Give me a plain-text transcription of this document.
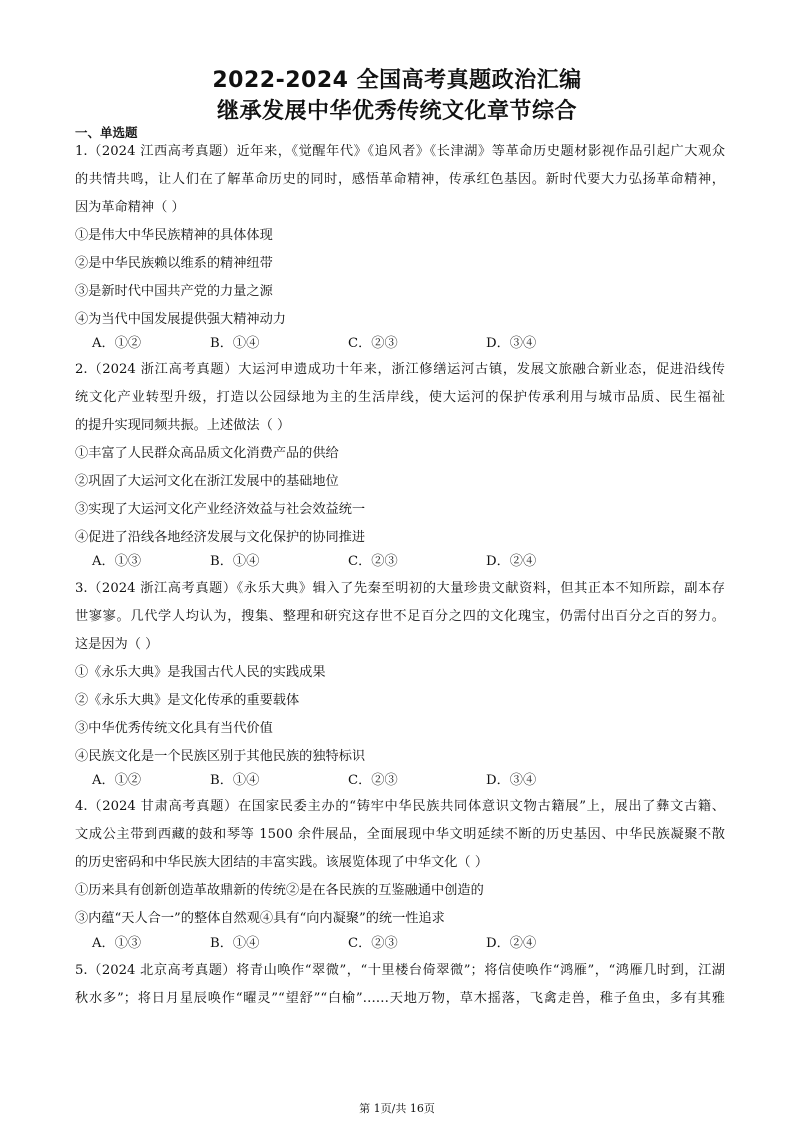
2022-2024 全国高考真题政治汇编
继承发展中华优秀传统文化章节综合
一、单选题

1.（2024 江西高考真题）近年来，《觉醒年代》《追风者》《长津湖》等革命历史题材影视作品引起广大观众

的共情共鸣，让人们在了解革命历史的同时，感悟革命精神，传承红色基因。新时代要大力弘扬革命精神，

因为革命精神（ ）

①是伟大中华民族精神的具体体现

②是中华民族赖以维系的精神纽带

③是新时代中国共产党的力量之源

④为当代中国发展提供强大精神动力

A．①②	B．①④	C．②③	D．③④

2.（2024 浙江高考真题）大运河申遗成功十年来，浙江修缮运河古镇，发展文旅融合新业态，促进沿线传

统文化产业转型升级，打造以公园绿地为主的生活岸线，使大运河的保护传承利用与城市品质、民生福祉

的提升实现同频共振。上述做法（ ）

①丰富了人民群众高品质文化消费产品的供给

②巩固了大运河文化在浙江发展中的基础地位

③实现了大运河文化产业经济效益与社会效益统一

④促进了沿线各地经济发展与文化保护的协同推进

A．①③	B．①④	C．②③	D．②④

3.（2024 浙江高考真题）《永乐大典》辑入了先秦至明初的大量珍贵文献资料，但其正本不知所踪，副本存

世寥寥。几代学人均认为，搜集、整理和研究这存世不足百分之四的文化瑰宝，仍需付出百分之百的努力。

这是因为（ ）

①《永乐大典》是我国古代人民的实践成果

②《永乐大典》是文化传承的重要载体

③中华优秀传统文化具有当代价值

④民族文化是一个民族区别于其他民族的独特标识

A．①②	B．①④	C．②③	D．③④

4.（2024 甘肃高考真题）在国家民委主办的“铸牢中华民族共同体意识文物古籍展”上，展出了彝文古籍、

文成公主带到西藏的鼓和琴等 1500 余件展品，全面展现中华文明延续不断的历史基因、中华民族凝聚不散

的历史密码和中华民族大团结的丰富实践。该展览体现了中华文化（ ）

①历来具有创新创造革故鼎新的传统②是在各民族的互鉴融通中创造的

③内蕴“天人合一”的整体自然观④具有“向内凝聚”的统一性追求

A．①③	B．①④	C．②③	D．②④

5.（2024 北京高考真题）将青山唤作“翠微”，“十里楼台倚翠微”；将信使唤作“鸿雁”，“鸿雁几时到，江湖

秋水多”；将日月星辰唤作“曜灵”“望舒”“白榆”……天地万物，草木摇落，飞禽走兽，稚子鱼虫，多有其雅

第 1页/共 16页
